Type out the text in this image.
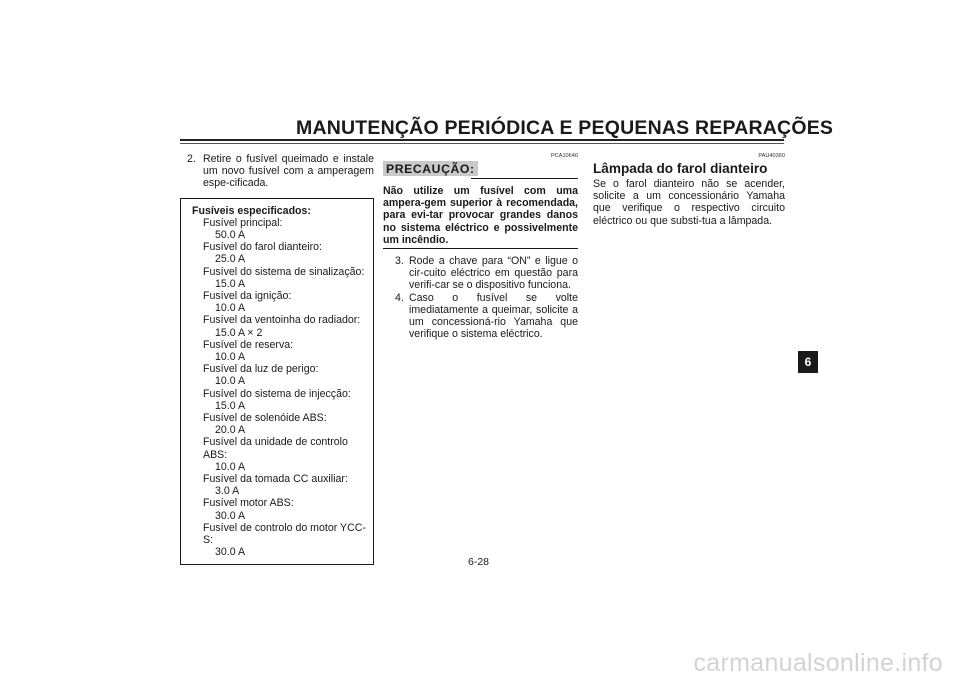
MANUTENÇÃO PERIÓDICA E PEQUENAS REPARAÇÕES
2. Retire o fusível queimado e instale um novo fusível com a amperagem espe-cificada.
Fusíveis especificados:
Fusível principal:
50.0 A
Fusível do farol dianteiro:
25.0 A
Fusível do sistema de sinalização:
15.0 A
Fusível da ignição:
10.0 A
Fusível da ventoinha do radiador:
15.0 A × 2
Fusível de reserva:
10.0 A
Fusível da luz de perigo:
10.0 A
Fusível do sistema de injecção:
15.0 A
Fusível de solenóide ABS:
20.0 A
Fusível da unidade de controlo ABS:
10.0 A
Fusível da tomada CC auxiliar:
3.0 A
Fusível motor ABS:
30.0 A
Fusível de controlo do motor YCC-S:
30.0 A
PCA10640
PRECAUÇÃO:
Não utilize um fusível com uma ampera-gem superior à recomendada, para evi-tar provocar grandes danos no sistema eléctrico e possivelmente um incêndio.
3. Rode a chave para “ON” e ligue o cir-cuito eléctrico em questão para verifi-car se o dispositivo funciona.
4. Caso o fusível se volte imediatamente a queimar, solicite a um concessioná-rio Yamaha que verifique o sistema eléctrico.
PAU40360
Lâmpada do farol dianteiro
Se o farol dianteiro não se acender, solicite a um concessionário Yamaha que verifique o respectivo circuito eléctrico ou que substi-tua a lâmpada.
6
6-28
carmanualsonline.info
